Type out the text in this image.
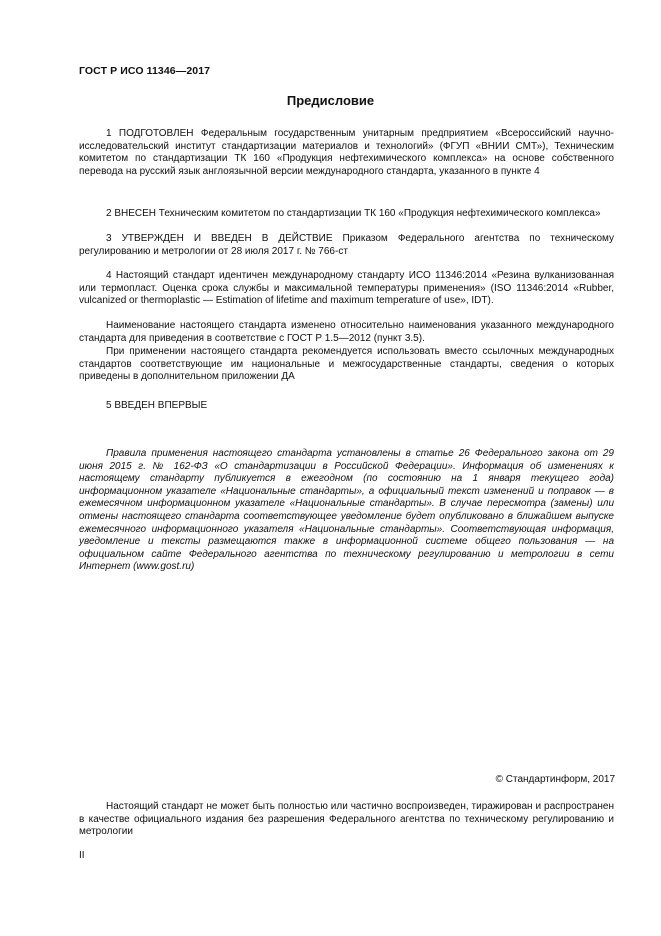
ГОСТ Р ИСО 11346—2017
Предисловие

1 ПОДГОТОВЛЕН Федеральным государственным унитарным предприятием «Всероссийский научно-исследовательский институт стандартизации материалов и технологий» (ФГУП «ВНИИ СМТ»), Техническим комитетом по стандартизации ТК 160 «Продукция нефтехимического комплекса» на основе собственного перевода на русский язык англоязычной версии международного стандарта, указанного в пункте 4

2 ВНЕСЕН Техническим комитетом по стандартизации ТК 160 «Продукция нефтехимического комплекса»

3 УТВЕРЖДЕН И ВВЕДЕН В ДЕЙСТВИЕ Приказом Федерального агентства по техническому регулированию и метрологии от 28 июля 2017 г. № 766-ст

4 Настоящий стандарт идентичен международному стандарту ИСО 11346:2014 «Резина вулканизованная или термопласт. Оценка срока службы и максимальной температуры применения» (ISO 11346:2014 «Rubber, vulcanized or thermoplastic — Estimation of lifetime and maximum temperature of use», IDT).

Наименование настоящего стандарта изменено относительно наименования указанного международного стандарта для приведения в соответствие с ГОСТ Р 1.5—2012 (пункт 3.5).

При применении настоящего стандарта рекомендуется использовать вместо ссылочных международных стандартов соответствующие им национальные и межгосударственные стандарты, сведения о которых приведены в дополнительном приложении ДА

5 ВВЕДЕН ВПЕРВЫЕ

Правила применения настоящего стандарта установлены в статье 26 Федерального закона от 29 июня 2015 г. № 162-ФЗ «О стандартизации в Российской Федерации». Информация об изменениях к настоящему стандарту публикуется в ежегодном (по состоянию на 1 января текущего года) информационном указателе «Национальные стандарты», а официальный текст изменений и поправок — в ежемесячном информационном указателе «Национальные стандарты». В случае пересмотра (замены) или отмены настоящего стандарта соответствующее уведомление будет опубликовано в ближайшем выпуске ежемесячного информационного указателя «Национальные стандарты». Соответствующая информация, уведомление и тексты размещаются также в информационной системе общего пользования — на официальном сайте Федерального агентства по техническому регулированию и метрологии в сети Интернет (www.gost.ru)

© Стандартинформ, 2017

Настоящий стандарт не может быть полностью или частично воспроизведен, тиражирован и распространен в качестве официального издания без разрешения Федерального агентства по техническому регулированию и метрологии

II
